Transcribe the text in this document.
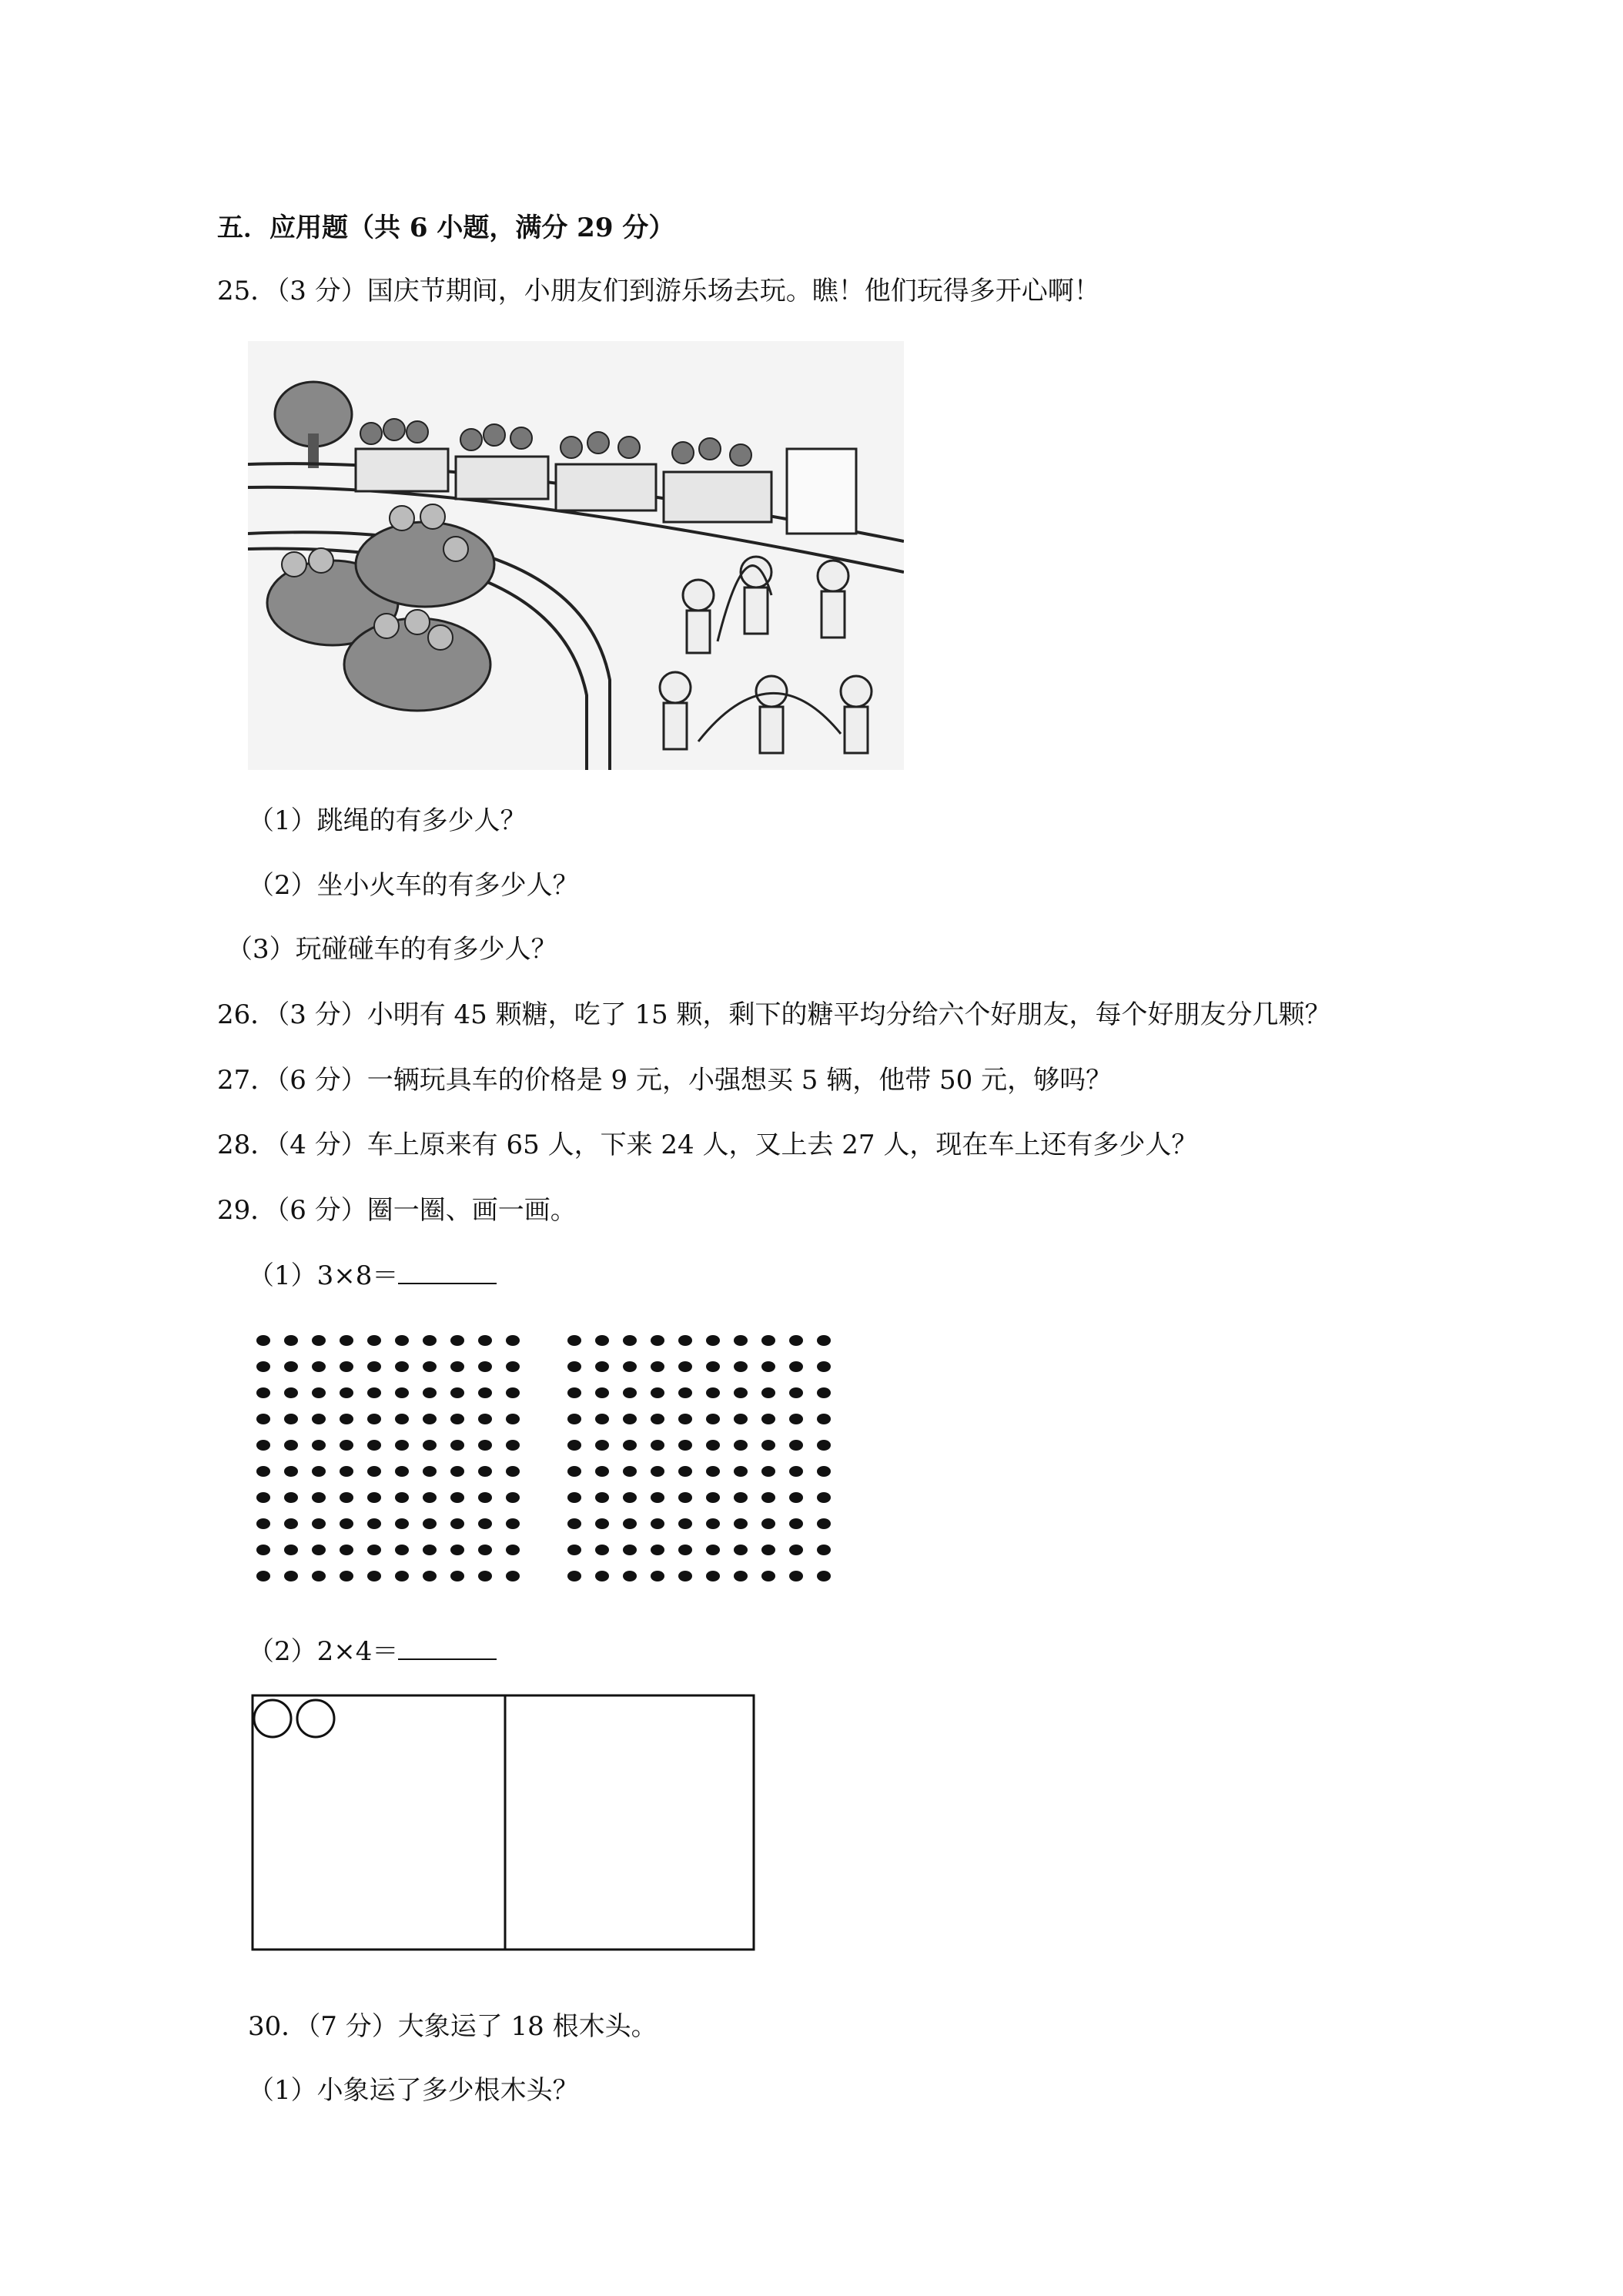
五．应用题（共 6 小题，满分 29 分）
25．（3 分）国庆节期间，小朋友们到游乐场去玩。瞧！他们玩得多开心啊！
（1）跳绳的有多少人？
（2）坐小火车的有多少人？
（3）玩碰碰车的有多少人？
26．（3 分）小明有 45 颗糖，吃了 15 颗，剩下的糖平均分给六个好朋友，每个好朋友分几颗？
27．（6 分）一辆玩具车的价格是 9 元，小强想买 5 辆，他带 50 元，够吗？
28．（4 分）车上原来有 65 人，下来 24 人，又上去 27 人，现在车上还有多少人？
29．（6 分）圈一圈、画一画。
（1）3×8＝
（2）2×4＝
30．（7 分）大象运了 18 根木头。
（1）小象运了多少根木头？
